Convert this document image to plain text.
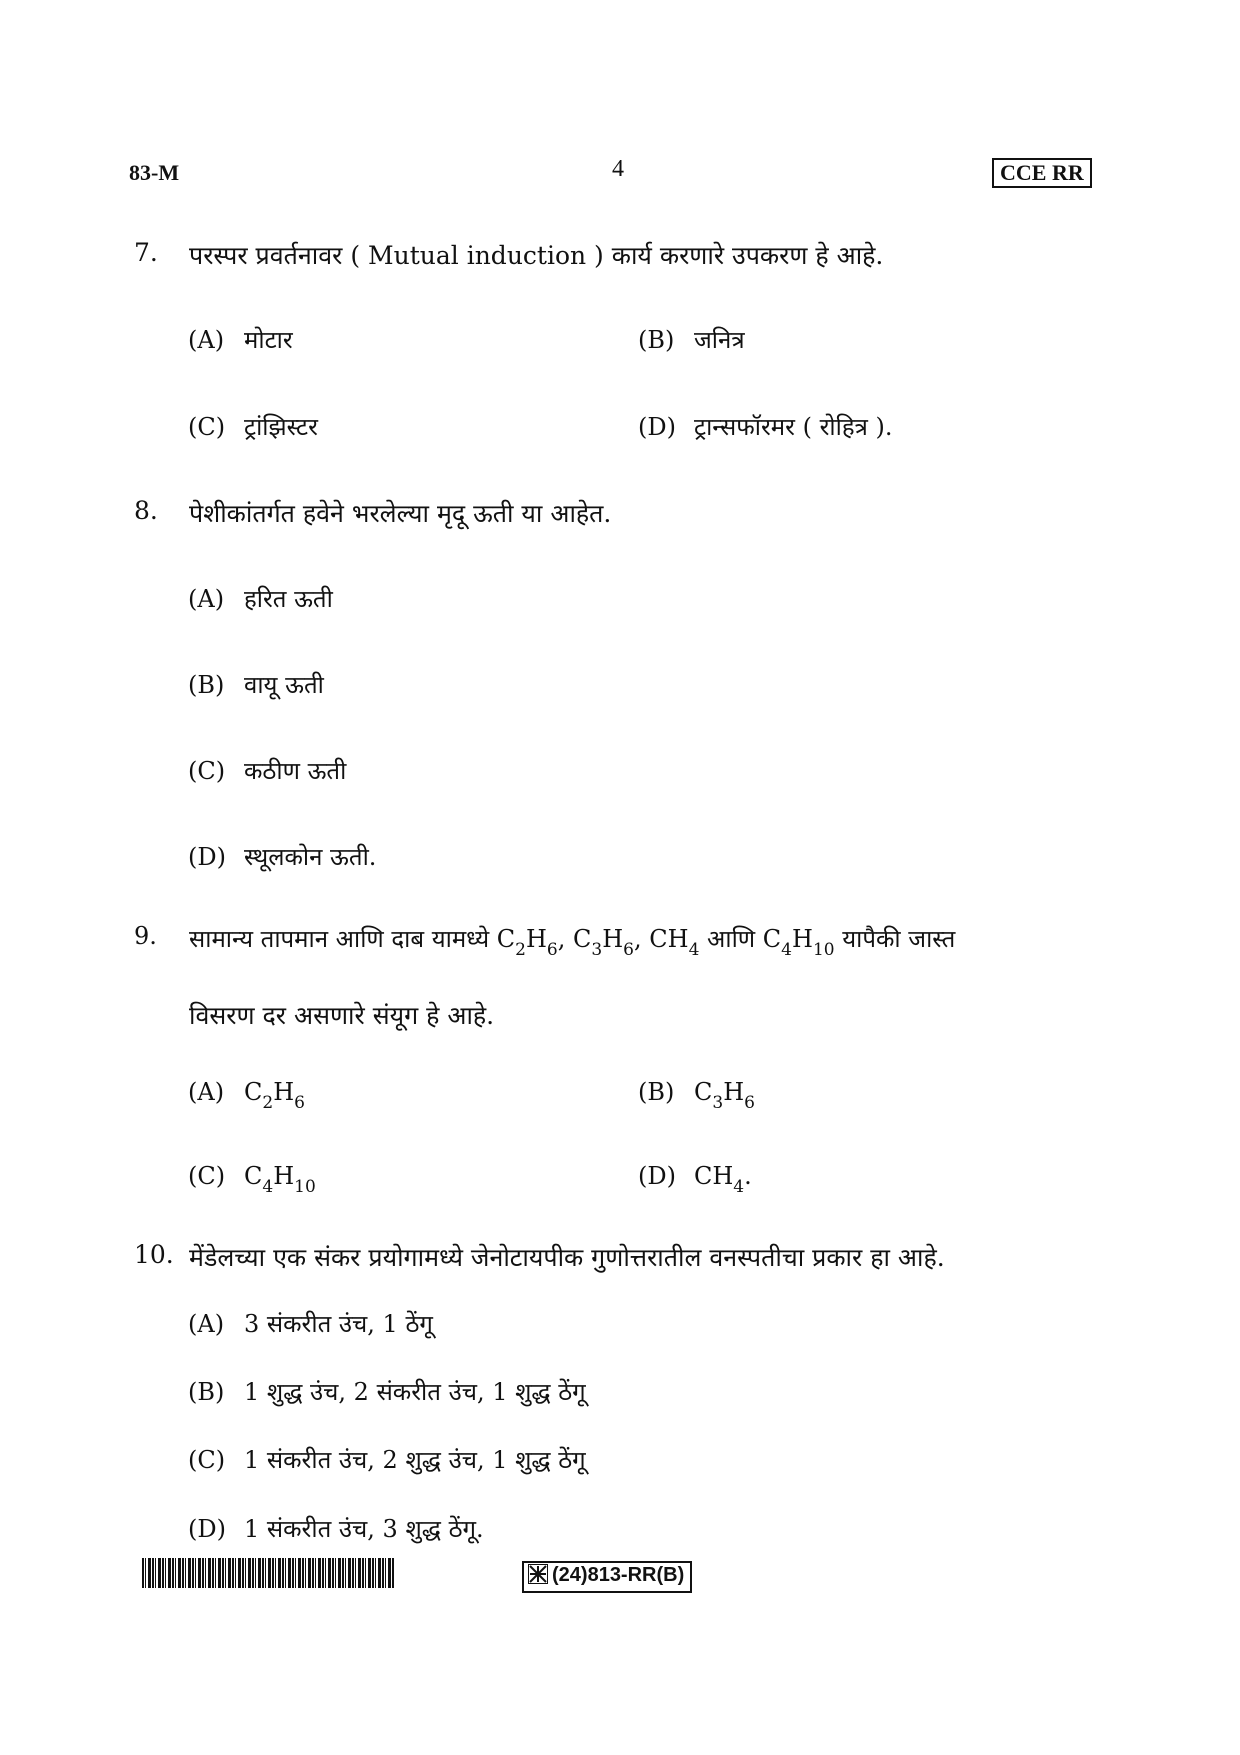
83-M	4	CCE RR
7. परस्पर प्रवर्तनावर ( Mutual induction ) कार्य करणारे उपकरण हे आहे.
(A) मोटार	(B) जनित्र
(C) ट्रांझिस्टर	(D) ट्रान्सफॉरमर ( रोहित्र ).
8. पेशीकांतर्गत हवेने भरलेल्या मृदू ऊती या आहेत.
(A) हरित ऊती
(B) वायू ऊती
(C) कठीण ऊती
(D) स्थूलकोन ऊती.
9. सामान्य तापमान आणि दाब यामध्ये $C_2H_6$, $C_3H_6$, $CH_4$ आणि $C_4H_{10}$ यापैकी जास्त
विसरण दर असणारे संयूग हे आहे.
(A) $C_2H_6$	(B) $C_3H_6$
(C) $C_4H_{10}$	(D) $CH_4$.
10. मेंडेलच्या एक संकर प्रयोगामध्ये जेनोटायपीक गुणोत्तरातील वनस्पतीचा प्रकार हा आहे.
(A) 3 संकरीत उंच, 1 ठेंगू
(B) 1 शुद्ध उंच, 2 संकरीत उंच, 1 शुद्ध ठेंगू
(C) 1 संकरीत उंच, 2 शुद्ध उंच, 1 शुद्ध ठेंगू
(D) 1 संकरीत उंच, 3 शुद्ध ठेंगू.
(24)813-RR(B)
